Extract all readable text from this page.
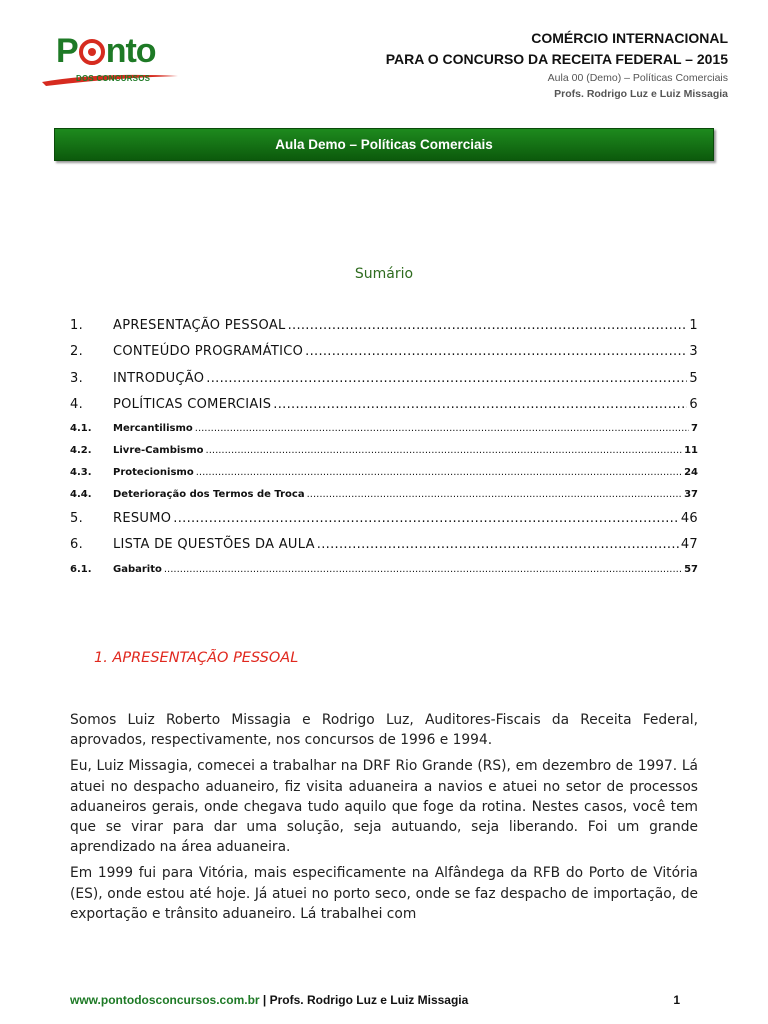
P nto
DOS CONCURSOS
COMÉRCIO INTERNACIONAL
PARA O CONCURSO DA RECEITA FEDERAL – 2015
Aula 00 (Demo) – Políticas Comerciais
Profs. Rodrigo Luz e Luiz Missagia
Aula Demo – Políticas Comerciais
Sumário
1.	APRESENTAÇÃO PESSOAL .....	1
2.	CONTEÚDO PROGRAMÁTICO .....	3
3.	INTRODUÇÃO .....	5
4.	POLÍTICAS COMERCIAIS .....	6
4.1.	Mercantilismo .....	7
4.2.	Livre-Cambismo .....	11
4.3.	Protecionismo .....	24
4.4.	Deterioração dos Termos de Troca .....	37
5.	RESUMO .....	46
6.	LISTA DE QUESTÕES DA AULA .....	47
6.1.	Gabarito .....	57
1. APRESENTAÇÃO PESSOAL

Somos Luiz Roberto Missagia e Rodrigo Luz, Auditores-Fiscais da Receita Federal, aprovados, respectivamente, nos concursos de 1996 e 1994.

Eu, Luiz Missagia, comecei a trabalhar na DRF Rio Grande (RS), em dezembro de 1997. Lá atuei no despacho aduaneiro, fiz visita aduaneira a navios e atuei no setor de processos aduaneiros gerais, onde chegava tudo aquilo que foge da rotina. Nestes casos, você tem que se virar para dar uma solução, seja autuando, seja liberando. Foi um grande aprendizado na área aduaneira.

Em 1999 fui para Vitória, mais especificamente na Alfândega da RFB do Porto de Vitória (ES), onde estou até hoje. Já atuei no porto seco, onde se faz despacho de importação, de exportação e trânsito aduaneiro. Lá trabalhei com

www.pontodosconcursos.com.br | Profs. Rodrigo Luz e Luiz Missagia	1
